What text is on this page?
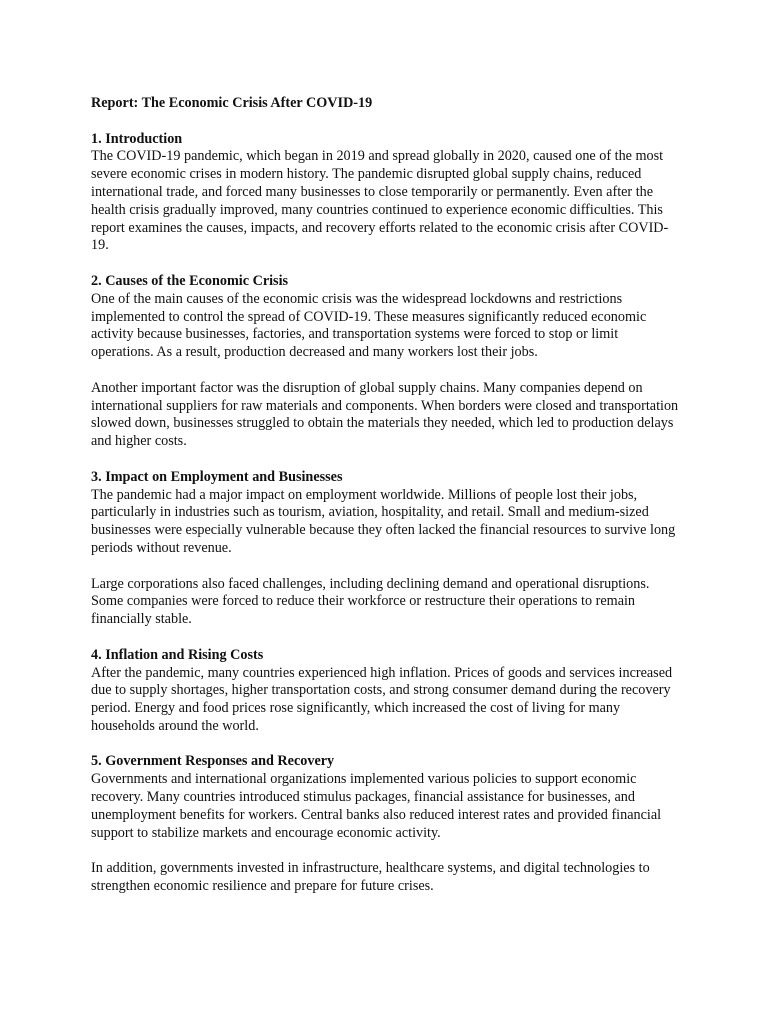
Report: The Economic Crisis After COVID-19

1. Introduction

The COVID-19 pandemic, which began in 2019 and spread globally in 2020, caused one of the most severe economic crises in modern history. The pandemic disrupted global supply chains, reduced international trade, and forced many businesses to close temporarily or permanently. Even after the health crisis gradually improved, many countries continued to experience economic difficulties. This report examines the causes, impacts, and recovery efforts related to the economic crisis after COVID-19.

2. Causes of the Economic Crisis

One of the main causes of the economic crisis was the widespread lockdowns and restrictions implemented to control the spread of COVID-19. These measures significantly reduced economic activity because businesses, factories, and transportation systems were forced to stop or limit operations. As a result, production decreased and many workers lost their jobs.

Another important factor was the disruption of global supply chains. Many companies depend on international suppliers for raw materials and components. When borders were closed and transportation slowed down, businesses struggled to obtain the materials they needed, which led to production delays and higher costs.

3. Impact on Employment and Businesses

The pandemic had a major impact on employment worldwide. Millions of people lost their jobs, particularly in industries such as tourism, aviation, hospitality, and retail. Small and medium-sized businesses were especially vulnerable because they often lacked the financial resources to survive long periods without revenue.

Large corporations also faced challenges, including declining demand and operational disruptions. Some companies were forced to reduce their workforce or restructure their operations to remain financially stable.

4. Inflation and Rising Costs

After the pandemic, many countries experienced high inflation. Prices of goods and services increased due to supply shortages, higher transportation costs, and strong consumer demand during the recovery period. Energy and food prices rose significantly, which increased the cost of living for many households around the world.

5. Government Responses and Recovery

Governments and international organizations implemented various policies to support economic recovery. Many countries introduced stimulus packages, financial assistance for businesses, and unemployment benefits for workers. Central banks also reduced interest rates and provided financial support to stabilize markets and encourage economic activity.

In addition, governments invested in infrastructure, healthcare systems, and digital technologies to strengthen economic resilience and prepare for future crises.
